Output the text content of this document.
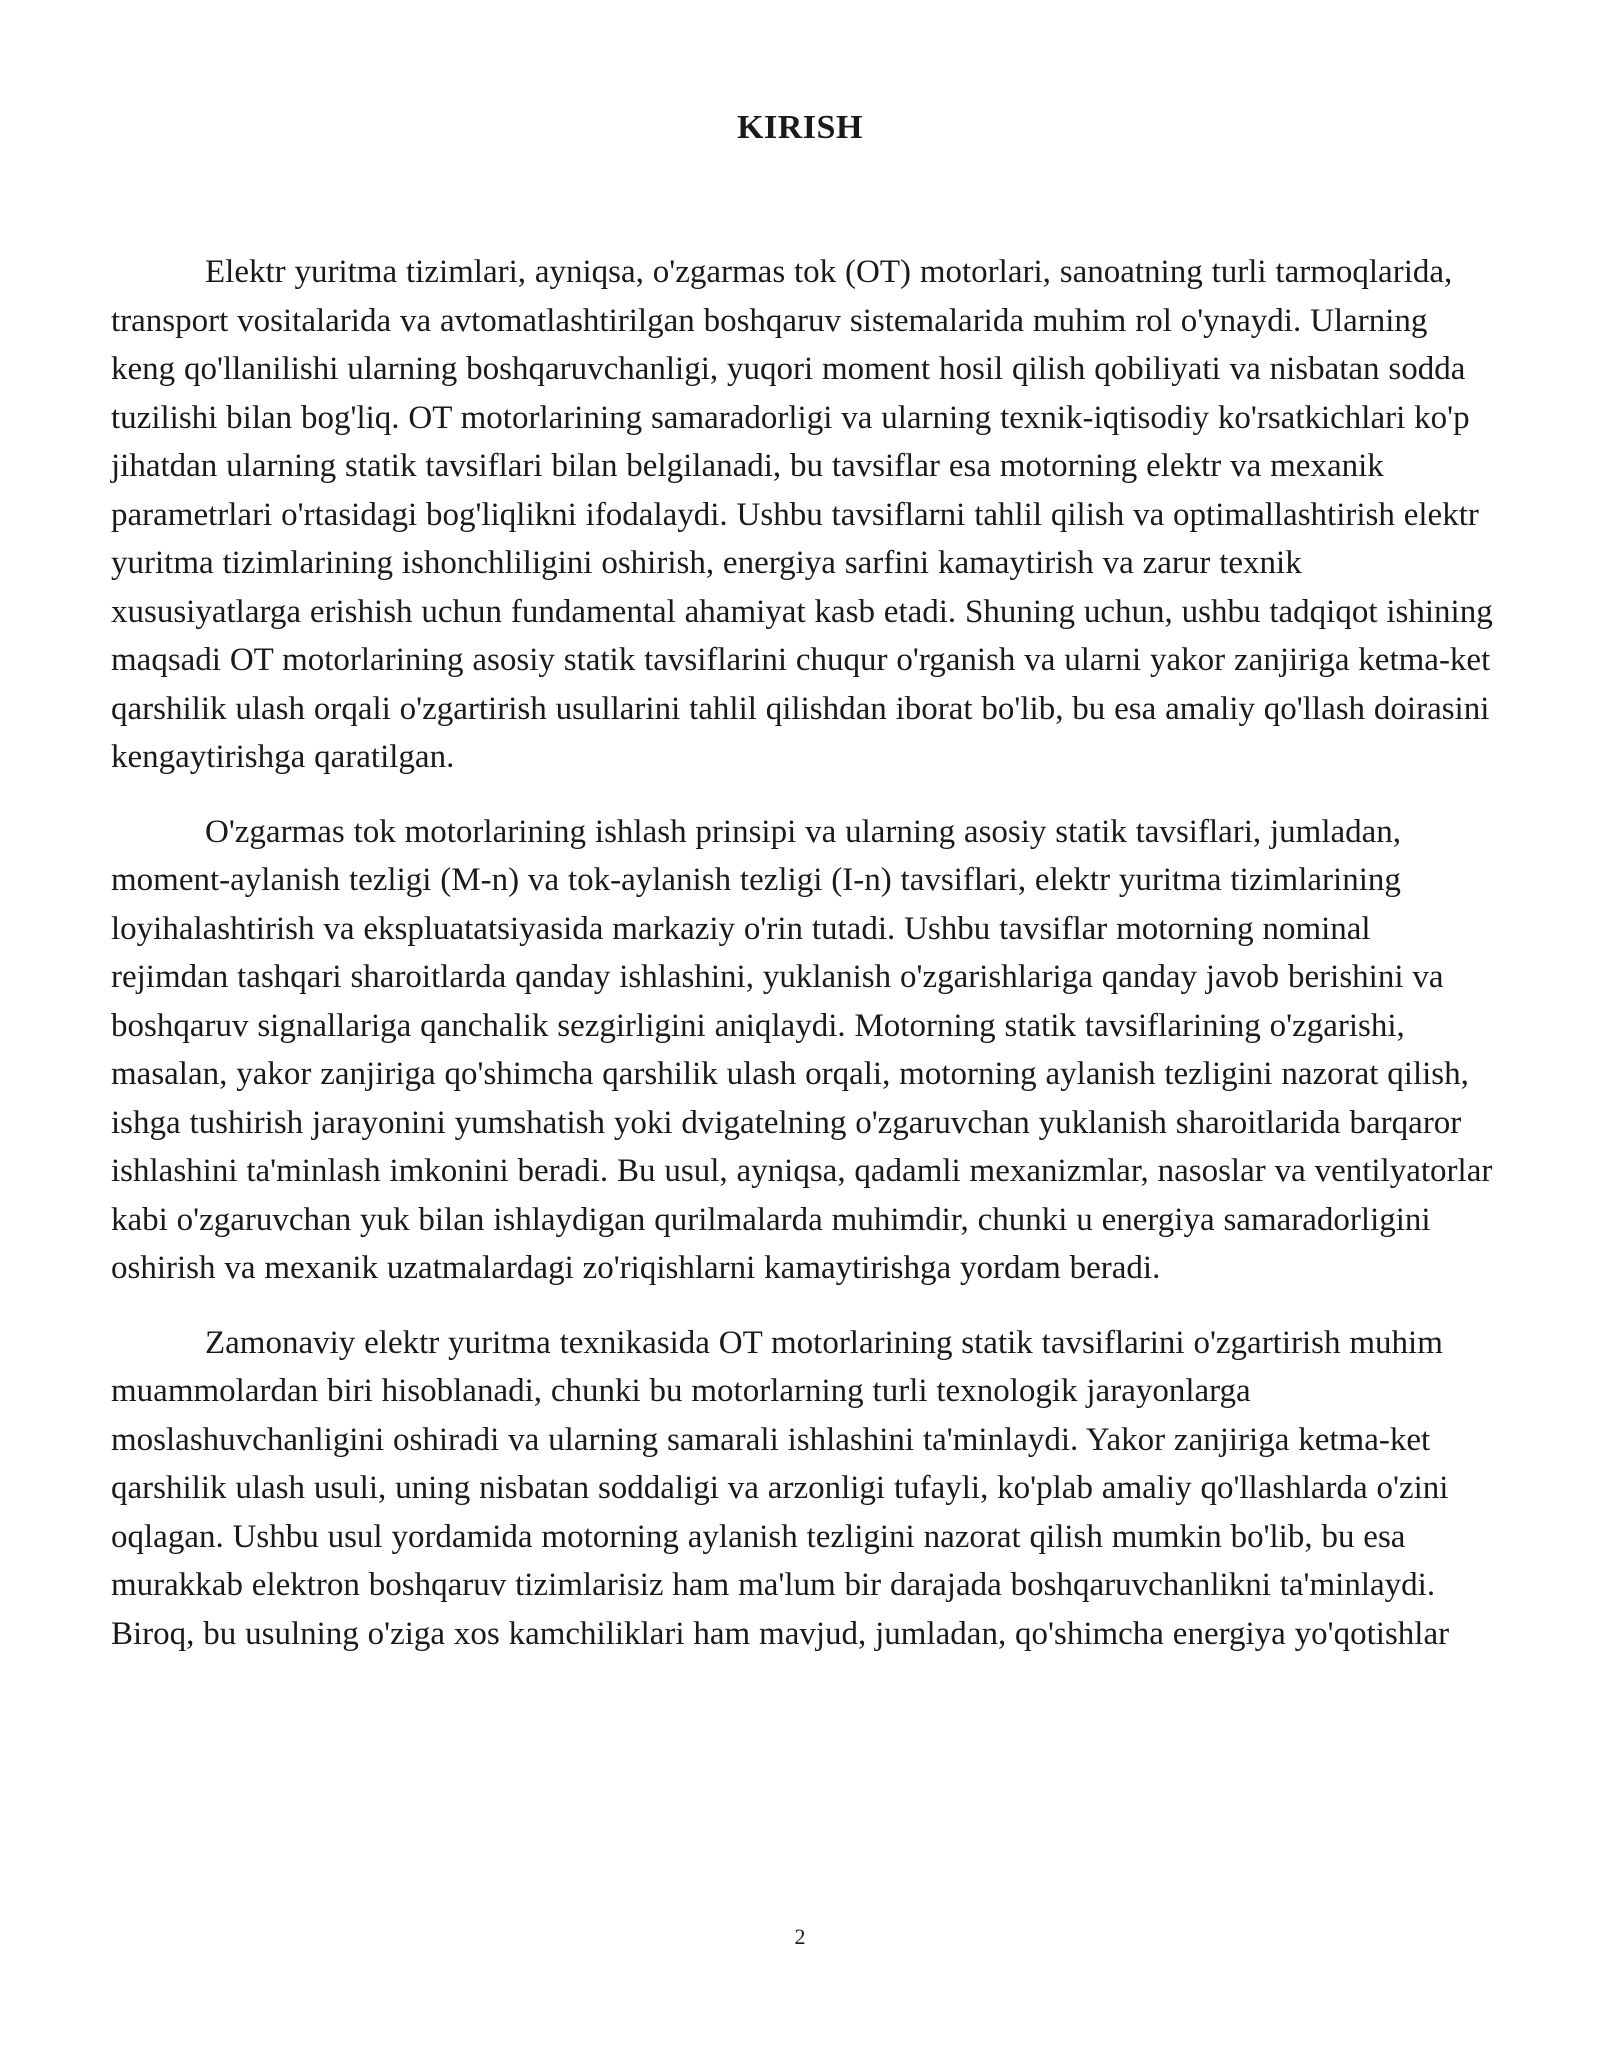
KIRISH

Elektr yuritma tizimlari, ayniqsa, o'zgarmas tok (OT) motorlari, sanoatning turli tarmoqlarida, transport vositalarida va avtomatlashtirilgan boshqaruv sistemalarida muhim rol o'ynaydi. Ularning keng qo'llanilishi ularning boshqaruvchanligi, yuqori moment hosil qilish qobiliyati va nisbatan sodda tuzilishi bilan bog'liq. OT motorlarining samaradorligi va ularning texnik-iqtisodiy ko'rsatkichlari ko'p jihatdan ularning statik tavsiflari bilan belgilanadi, bu tavsiflar esa motorning elektr va mexanik parametrlari o'rtasidagi bog'liqlikni ifodalaydi. Ushbu tavsiflarni tahlil qilish va optimallashtirish elektr yuritma tizimlarining ishonchliligini oshirish, energiya sarfini kamaytirish va zarur texnik xususiyatlarga erishish uchun fundamental ahamiyat kasb etadi. Shuning uchun, ushbu tadqiqot ishining maqsadi OT motorlarining asosiy statik tavsiflarini chuqur o'rganish va ularni yakor zanjiriga ketma-ket qarshilik ulash orqali o'zgartirish usullarini tahlil qilishdan iborat bo'lib, bu esa amaliy qo'llash doirasini kengaytirishga qaratilgan.

O'zgarmas tok motorlarining ishlash prinsipi va ularning asosiy statik tavsiflari, jumladan, moment-aylanish tezligi (M-n) va tok-aylanish tezligi (I-n) tavsiflari, elektr yuritma tizimlarining loyihalashtirish va ekspluatatsiyasida markaziy o'rin tutadi. Ushbu tavsiflar motorning nominal rejimdan tashqari sharoitlarda qanday ishlashini, yuklanish o'zgarishlariga qanday javob berishini va boshqaruv signallariga qanchalik sezgirligini aniqlaydi. Motorning statik tavsiflarining o'zgarishi, masalan, yakor zanjiriga qo'shimcha qarshilik ulash orqali, motorning aylanish tezligini nazorat qilish, ishga tushirish jarayonini yumshatish yoki dvigatelning o'zgaruvchan yuklanish sharoitlarida barqaror ishlashini ta'minlash imkonini beradi. Bu usul, ayniqsa, qadamli mexanizmlar, nasoslar va ventilyatorlar kabi o'zgaruvchan yuk bilan ishlaydigan qurilmalarda muhimdir, chunki u energiya samaradorligini oshirish va mexanik uzatmalardagi zo'riqishlarni kamaytirishga yordam beradi.

Zamonaviy elektr yuritma texnikasida OT motorlarining statik tavsiflarini o'zgartirish muhim muammolardan biri hisoblanadi, chunki bu motorlarning turli texnologik jarayonlarga moslashuvchanligini oshiradi va ularning samarali ishlashini ta'minlaydi. Yakor zanjiriga ketma-ket qarshilik ulash usuli, uning nisbatan soddaligi va arzonligi tufayli, ko'plab amaliy qo'llashlarda o'zini oqlagan. Ushbu usul yordamida motorning aylanish tezligini nazorat qilish mumkin bo'lib, bu esa murakkab elektron boshqaruv tizimlarisiz ham ma'lum bir darajada boshqaruvchanlikni ta'minlaydi. Biroq, bu usulning o'ziga xos kamchiliklari ham mavjud, jumladan, qo'shimcha energiya yo'qotishlar

2
